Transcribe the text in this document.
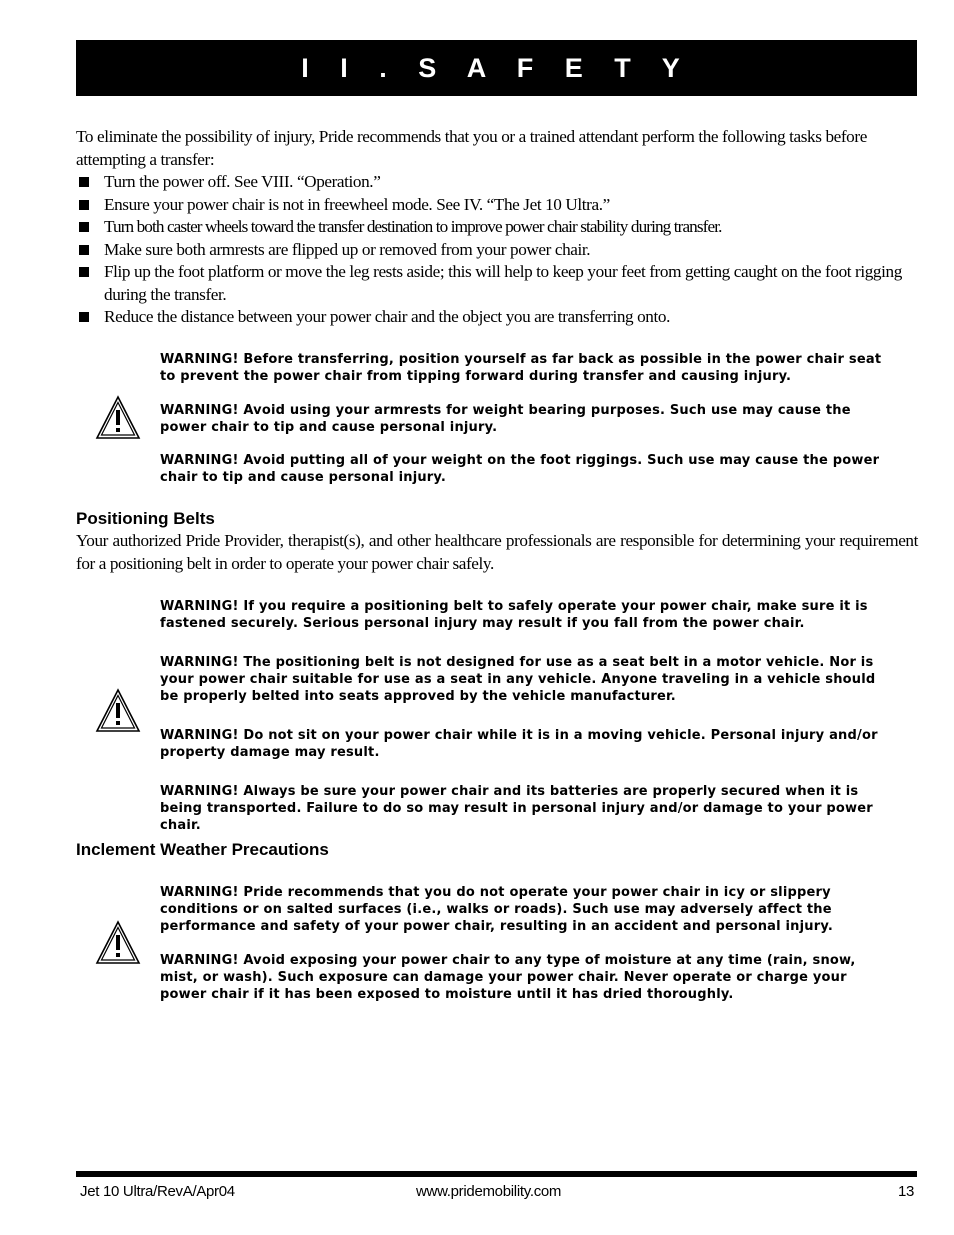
I I . S A F E T Y
To eliminate the possibility of injury, Pride recommends that you or a trained attendant perform the following tasks before attempting a transfer:
Turn the power off. See VIII. “Operation.”
Ensure your power chair is not in freewheel mode. See IV. “The Jet 10 Ultra.”
Turn both caster wheels toward the transfer destination to improve power chair stability during transfer.
Make sure both armrests are flipped up or removed from your power chair.
Flip up the foot platform or move the leg rests aside; this will help to keep your feet from getting caught on the foot rigging during the transfer.
Reduce the distance between your power chair and the object you are transferring onto.
WARNING! Before transferring, position yourself as far back as possible in the power chair seat to prevent the power chair from tipping forward during transfer and causing injury.
WARNING! Avoid using your armrests for weight bearing purposes. Such use may cause the power chair to tip and cause personal injury.
WARNING! Avoid putting all of your weight on the foot riggings. Such use may cause the power chair to tip and cause personal injury.
Positioning Belts
Your authorized Pride Provider, therapist(s), and other healthcare professionals are responsible for determining your requirement for a positioning belt in order to operate your power chair safely.
WARNING! If you require a positioning belt to safely operate your power chair, make sure it is fastened securely. Serious personal injury may result if you fall from the power chair.
WARNING! The positioning belt is not designed for use as a seat belt in a motor vehicle. Nor is your power chair suitable for use as a seat in any vehicle. Anyone traveling in a vehicle should be properly belted into seats approved by the vehicle manufacturer.
WARNING! Do not sit on your power chair while it is in a moving vehicle. Personal injury and/or property damage may result.
WARNING! Always be sure your power chair and its batteries are properly secured when it is being transported. Failure to do so may result in personal injury and/or damage to your power chair.
Inclement Weather Precautions
WARNING! Pride recommends that you do not operate your power chair in icy or slippery conditions or on salted surfaces (i.e., walks or roads). Such use may adversely affect the performance and safety of your power chair, resulting in an accident and personal injury.
WARNING! Avoid exposing your power chair to any type of moisture at any time (rain, snow, mist, or wash). Such exposure can damage your power chair. Never operate or charge your power chair if it has been exposed to moisture until it has dried thoroughly.
Jet 10 Ultra/RevA/Apr04	www.pridemobility.com	13
